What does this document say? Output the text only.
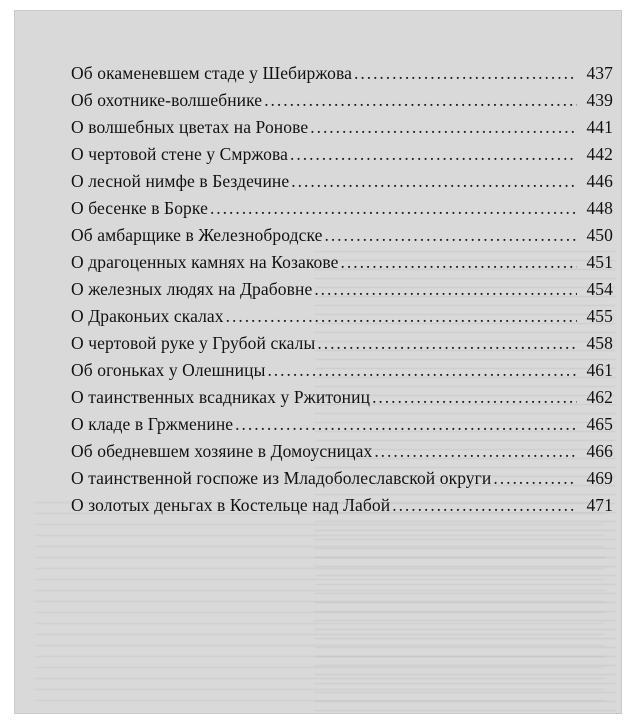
Об окаменевшем стаде у Шебиржова . . .	437
Об охотнике-волшебнике . . .	439
О волшебных цветах на Ронове . . .	441
О чертовой стене у Смржова . . .	442
О лесной нимфе в Бездечине . . .	446
О бесенке в Борке . . .	448
Об амбарщике в Железнобродске . . .	450
О драгоценных камнях на Козакове . . .	451
О железных людях на Драбовне . . .	454
О Драконьих скалах . . .	455
О чертовой руке у Грубой скалы . . .	458
Об огоньках у Олешницы . . .	461
О таинственных всадниках у Ржитониц . . .	462
О кладе в Гржменине . . .	465
Об обедневшем хозяине в Домоусницах . . .	466
О таинственной госпоже из Младоболеславской округи . . .	469
О золотых деньгах в Костельце над Лабой . . .	471
